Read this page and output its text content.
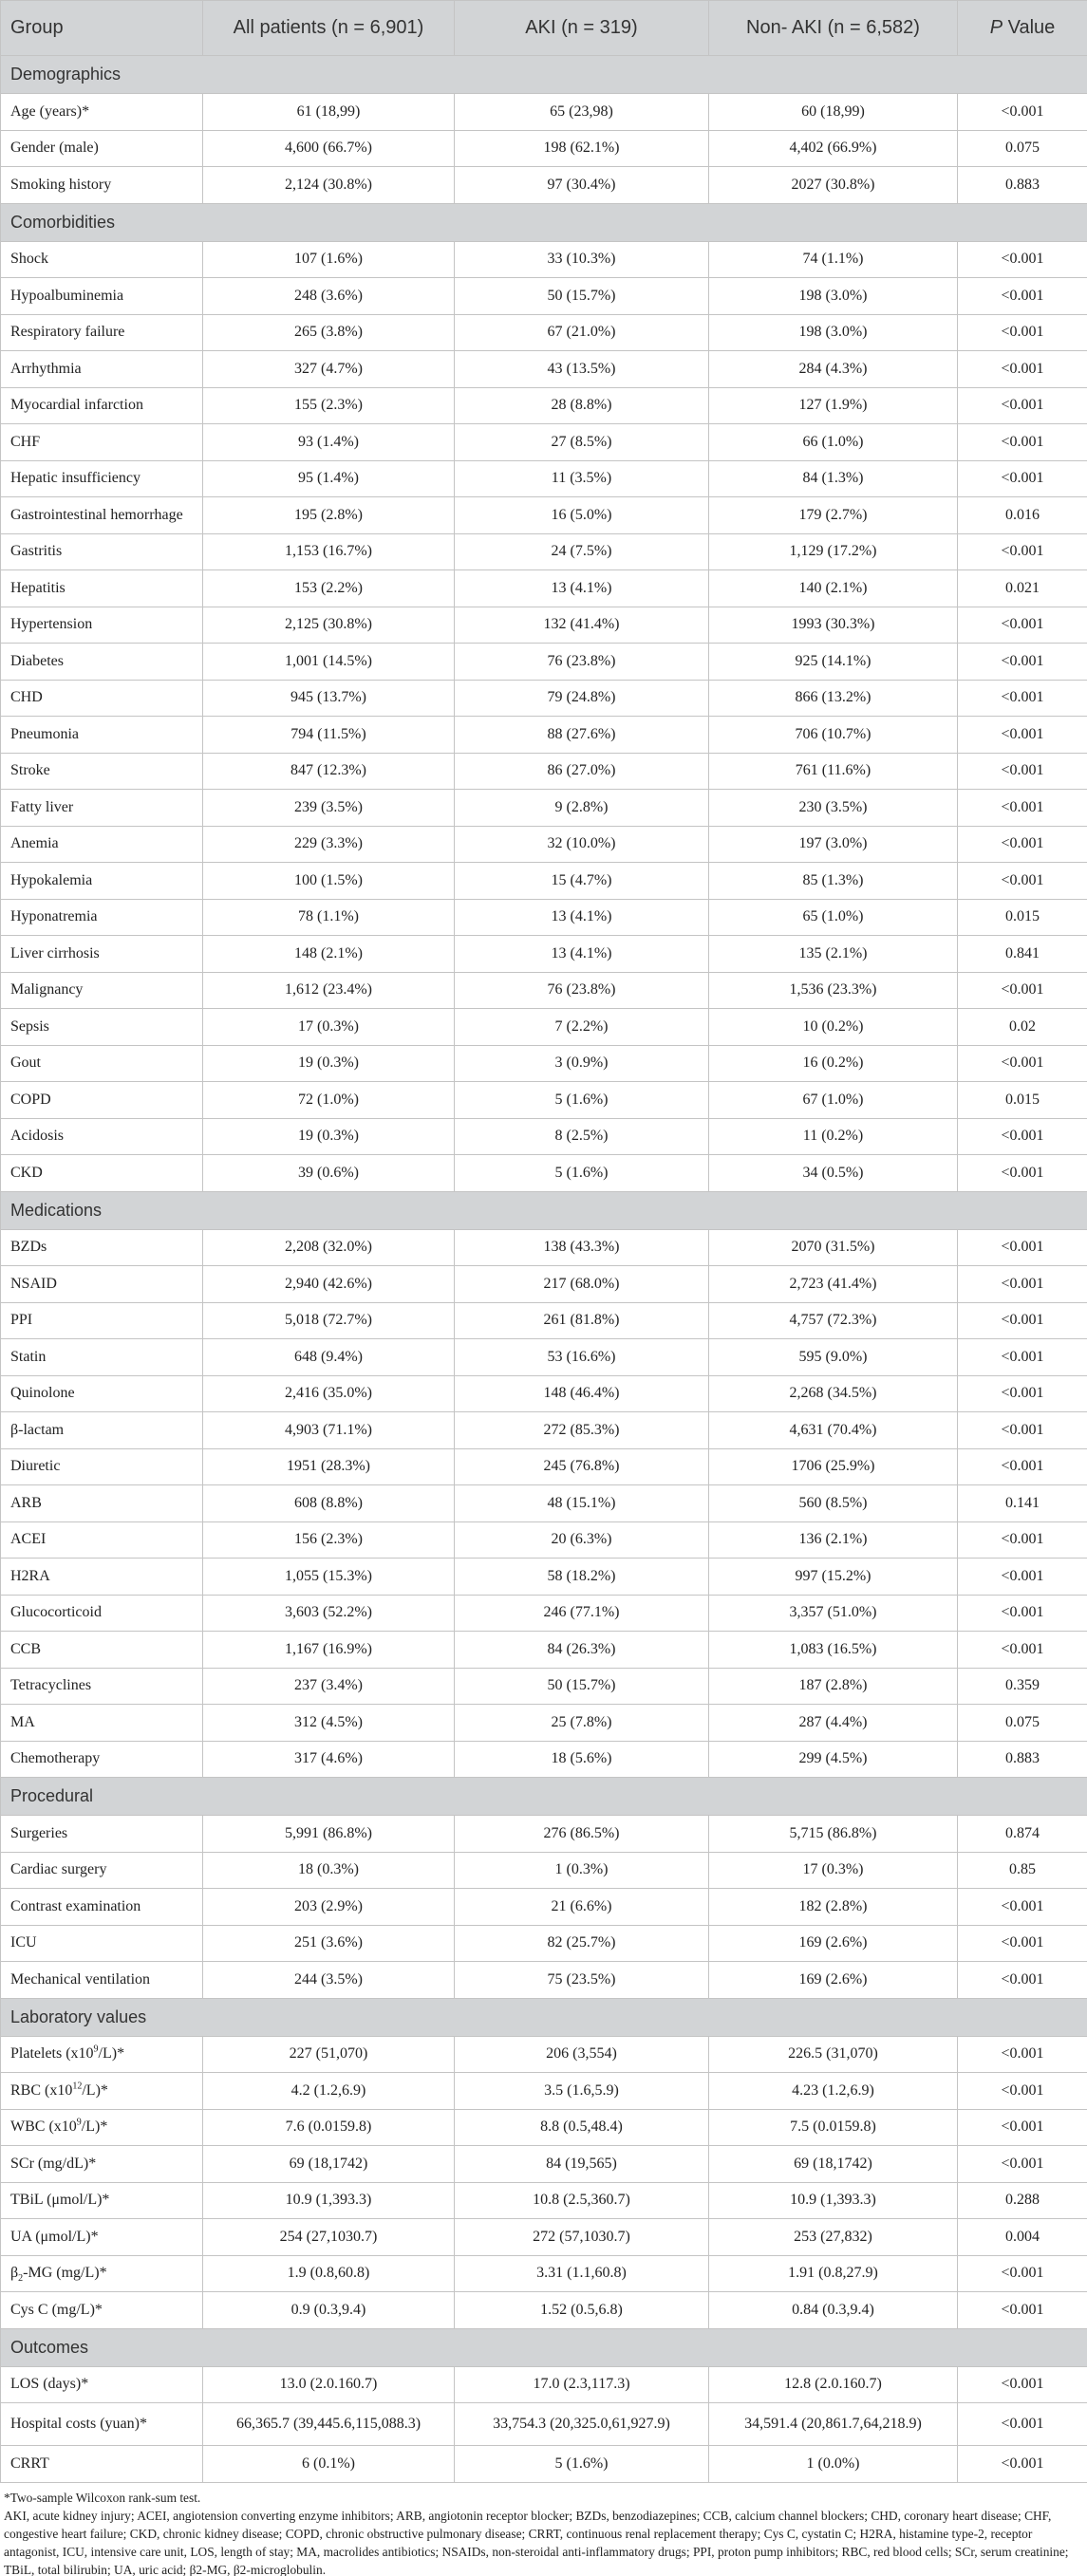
Group	All patients (n = 6,901)	AKI (n = 319)	Non- AKI (n = 6,582)	P Value
Demographics				
Age (years)*	61 (18,99)	65 (23,98)	60 (18,99)	<0.001
Gender (male)	4,600 (66.7%)	198 (62.1%)	4,402 (66.9%)	0.075
Smoking history	2,124 (30.8%)	97 (30.4%)	2027 (30.8%)	0.883
Comorbidities				
Shock	107 (1.6%)	33 (10.3%)	74 (1.1%)	<0.001
Hypoalbuminemia	248 (3.6%)	50 (15.7%)	198 (3.0%)	<0.001
Respiratory failure	265 (3.8%)	67 (21.0%)	198 (3.0%)	<0.001
Arrhythmia	327 (4.7%)	43 (13.5%)	284 (4.3%)	<0.001
Myocardial infarction	155 (2.3%)	28 (8.8%)	127 (1.9%)	<0.001
CHF	93 (1.4%)	27 (8.5%)	66 (1.0%)	<0.001
Hepatic insufficiency	95 (1.4%)	11 (3.5%)	84 (1.3%)	<0.001
Gastrointestinal hemorrhage	195 (2.8%)	16 (5.0%)	179 (2.7%)	0.016
Gastritis	1,153 (16.7%)	24 (7.5%)	1,129 (17.2%)	<0.001
Hepatitis	153 (2.2%)	13 (4.1%)	140 (2.1%)	0.021
Hypertension	2,125 (30.8%)	132 (41.4%)	1993 (30.3%)	<0.001
Diabetes	1,001 (14.5%)	76 (23.8%)	925 (14.1%)	<0.001
CHD	945 (13.7%)	79 (24.8%)	866 (13.2%)	<0.001
Pneumonia	794 (11.5%)	88 (27.6%)	706 (10.7%)	<0.001
Stroke	847 (12.3%)	86 (27.0%)	761 (11.6%)	<0.001
Fatty liver	239 (3.5%)	9 (2.8%)	230 (3.5%)	<0.001
Anemia	229 (3.3%)	32 (10.0%)	197 (3.0%)	<0.001
Hypokalemia	100 (1.5%)	15 (4.7%)	85 (1.3%)	<0.001
Hyponatremia	78 (1.1%)	13 (4.1%)	65 (1.0%)	0.015
Liver cirrhosis	148 (2.1%)	13 (4.1%)	135 (2.1%)	0.841
Malignancy	1,612 (23.4%)	76 (23.8%)	1,536 (23.3%)	<0.001
Sepsis	17 (0.3%)	7 (2.2%)	10 (0.2%)	0.02
Gout	19 (0.3%)	3 (0.9%)	16 (0.2%)	<0.001
COPD	72 (1.0%)	5 (1.6%)	67 (1.0%)	0.015
Acidosis	19 (0.3%)	8 (2.5%)	11 (0.2%)	<0.001
CKD	39 (0.6%)	5 (1.6%)	34 (0.5%)	<0.001
Medications				
BZDs	2,208 (32.0%)	138 (43.3%)	2070 (31.5%)	<0.001
NSAID	2,940 (42.6%)	217 (68.0%)	2,723 (41.4%)	<0.001
PPI	5,018 (72.7%)	261 (81.8%)	4,757 (72.3%)	<0.001
Statin	648 (9.4%)	53 (16.6%)	595 (9.0%)	<0.001
Quinolone	2,416 (35.0%)	148 (46.4%)	2,268 (34.5%)	<0.001
β-lactam	4,903 (71.1%)	272 (85.3%)	4,631 (70.4%)	<0.001
Diuretic	1951 (28.3%)	245 (76.8%)	1706 (25.9%)	<0.001
ARB	608 (8.8%)	48 (15.1%)	560 (8.5%)	0.141
ACEI	156 (2.3%)	20 (6.3%)	136 (2.1%)	<0.001
H2RA	1,055 (15.3%)	58 (18.2%)	997 (15.2%)	<0.001
Glucocorticoid	3,603 (52.2%)	246 (77.1%)	3,357 (51.0%)	<0.001
CCB	1,167 (16.9%)	84 (26.3%)	1,083 (16.5%)	<0.001
Tetracyclines	237 (3.4%)	50 (15.7%)	187 (2.8%)	0.359
MA	312 (4.5%)	25 (7.8%)	287 (4.4%)	0.075
Chemotherapy	317 (4.6%)	18 (5.6%)	299 (4.5%)	0.883
Procedural				
Surgeries	5,991 (86.8%)	276 (86.5%)	5,715 (86.8%)	0.874
Cardiac surgery	18 (0.3%)	1 (0.3%)	17 (0.3%)	0.85
Contrast examination	203 (2.9%)	21 (6.6%)	182 (2.8%)	<0.001
ICU	251 (3.6%)	82 (25.7%)	169 (2.6%)	<0.001
Mechanical ventilation	244 (3.5%)	75 (23.5%)	169 (2.6%)	<0.001
Laboratory values				
Platelets $(x10^9/L)*$	227 (51,070)	206 (3,554)	226.5 (31,070)	<0.001
RBC $(x10^{12}/L)*$	4.2 (1.2,6.9)	3.5 (1.6,5.9)	4.23 (1.2,6.9)	<0.001
WBC $(x10^9/L)*$	7.6 (0.0159.8)	8.8 (0.5,48.4)	7.5 (0.0159.8)	<0.001
SCr (mg/dL)*	69 (18,1742)	84 (19,565)	69 (18,1742)	<0.001
TBiL (μmol/L)*	10.9 (1,393.3)	10.8 (2.5,360.7)	10.9 (1,393.3)	0.288
UA (μmol/L)*	254 (27,1030.7)	272 (57,1030.7)	253 (27,832)	0.004
$\beta_2-MG$ (mg/L)*	1.9 (0.8,60.8)	3.31 (1.1,60.8)	1.91 (0.8,27.9)	<0.001
Cys C (mg/L)*	0.9 (0.3,9.4)	1.52 (0.5,6.8)	0.84 (0.3,9.4)	<0.001
Outcomes				
LOS (days)*	13.0 (2.0.160.7)	17.0 (2.3,117.3)	12.8 (2.0.160.7)	<0.001
Hospital costs (yuan)*	66,365.7 (39,445.6,115,088.3)	33,754.3 (20,325.0,61,927.9)	34,591.4 (20,861.7,64,218.9)	<0.001
CRRT	6 (0.1%)	5 (1.6%)	1 (0.0%)	<0.001

*Two-sample Wilcoxon rank-sum test.

AKI, acute kidney injury; ACEI, angiotension converting enzyme inhibitors; ARB, angiotonin receptor blocker; BZDs, benzodiazepines; CCB, calcium channel blockers; CHD, coronary heart disease; CHF, congestive heart failure; CKD, chronic kidney disease; COPD, chronic obstructive pulmonary disease; CRRT, continuous renal replacement therapy; Cys C, cystatin C; H2RA, histamine type-2, receptor antagonist, ICU, intensive care unit, LOS, length of stay; MA, macrolides antibiotics; NSAIDs, non-steroidal anti-inflammatory drugs; PPI, proton pump inhibitors; RBC, red blood cells; SCr, serum creatinine; TBiL, total bilirubin; UA, uric acid; β2-MG, β2-microglobulin.
